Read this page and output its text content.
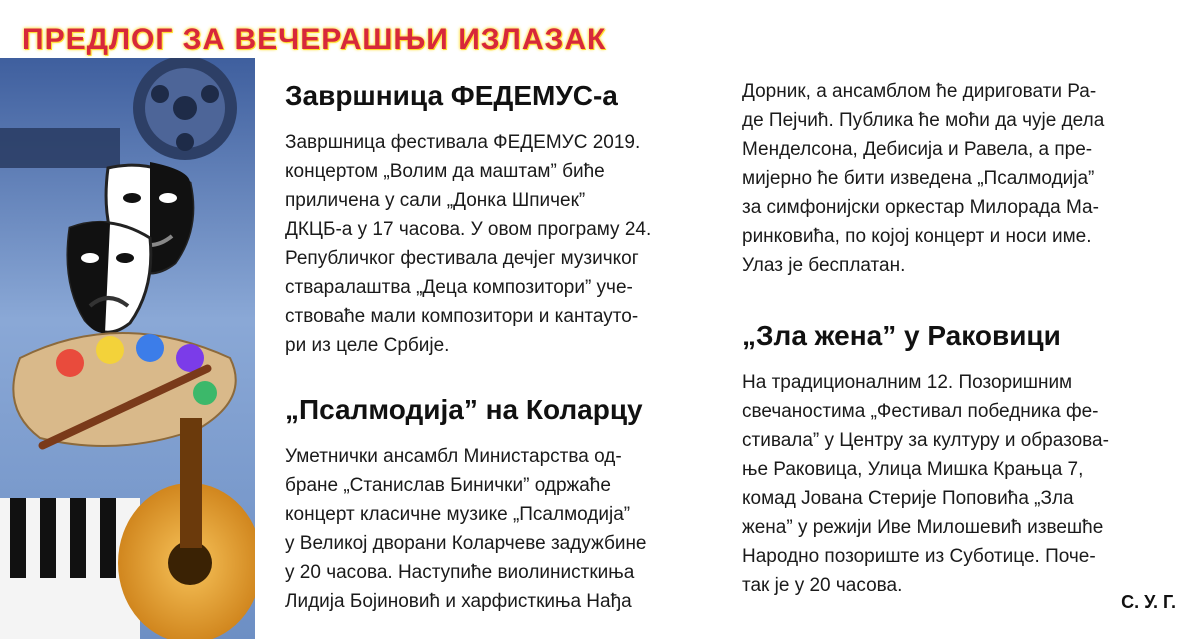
ПРЕДЛОГ ЗА ВЕЧЕРАШЊИ ИЗЛАЗАК
Завршница ФЕДЕМУС-а

Завршница фестивала ФЕДЕМУС 2019.
концертом „Волим да маштам” биће
приличена у сали „Донка Шпичек”
ДКЦБ-а у 17 часова. У овом програму 24.
Републичког фестивала дечјег музичког
стваралаштва „Деца композитори” уче-
ствоваће мали композитори и кантауто-
ри из целе Србије.

„Псалмодија” на Коларцу

Уметнички ансамбл Министарства од-
бране „Станислав Бинички” одржаће
концерт класичне музике „Псалмодија”
у Великој дворани Коларчеве задужбине
у 20 часова. Наступиће виолинисткиња
Лидија Бојиновић и харфисткиња Нађа

Дорник, а ансамблом ће дириговати Ра-
де Пејчић. Публика ће моћи да чује дела
Менделсона, Дебисија и Равела, а пре-
мијерно ће бити изведена „Псалмодија”
за симфонијски оркестар Милорада Ма-
ринковића, по којој концерт и носи име.
Улаз је бесплатан.

„Зла жена” у Раковици

На традиционалним 12. Позоришним
свечаностима „Фестивал победника фе-
стивала” у Центру за културу и образова-
ње Раковица, Улица Мишка Крањца 7,
комад Јована Стерије Поповића „Зла
жена” у режији Иве Милошевић извешће
Народно позориште из Суботице. Поче-
так је у 20 часова.

С. У. Г.
